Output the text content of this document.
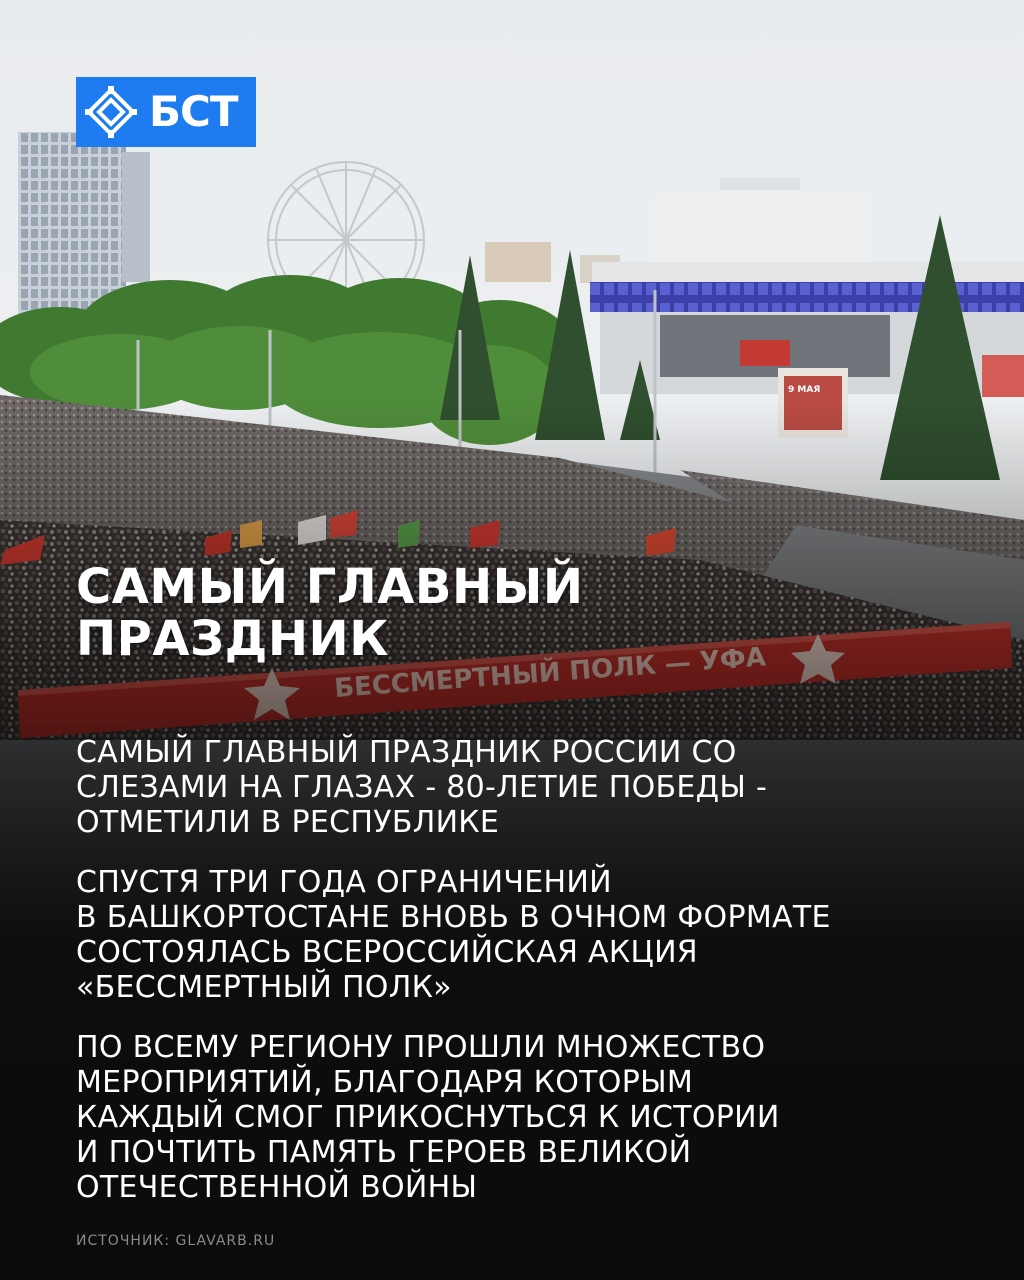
9 МАЯ
БСТ
САМЫЙ ГЛАВНЫЙ
ПРАЗДНИК

САМЫЙ ГЛАВНЫЙ ПРАЗДНИК РОССИИ СО
СЛЕЗАМИ НА ГЛАЗАХ - 80-ЛЕТИЕ ПОБЕДЫ -
ОТМЕТИЛИ В РЕСПУБЛИКЕ

СПУСТЯ ТРИ ГОДА ОГРАНИЧЕНИЙ
В БАШКОРТОСТАНЕ ВНОВЬ В ОЧНОМ ФОРМАТЕ
СОСТОЯЛАСЬ ВСЕРОССИЙСКАЯ АКЦИЯ
«БЕССМЕРТНЫЙ ПОЛК»

ПО ВСЕМУ РЕГИОНУ ПРОШЛИ МНОЖЕСТВО
МЕРОПРИЯТИЙ, БЛАГОДАРЯ КОТОРЫМ
КАЖДЫЙ СМОГ ПРИКОСНУТЬСЯ К ИСТОРИИ
И ПОЧТИТЬ ПАМЯТЬ ГЕРОЕВ ВЕЛИКОЙ
ОТЕЧЕСТВЕННОЙ ВОЙНЫ

ИСТОЧНИК: GLAVARB.RU
